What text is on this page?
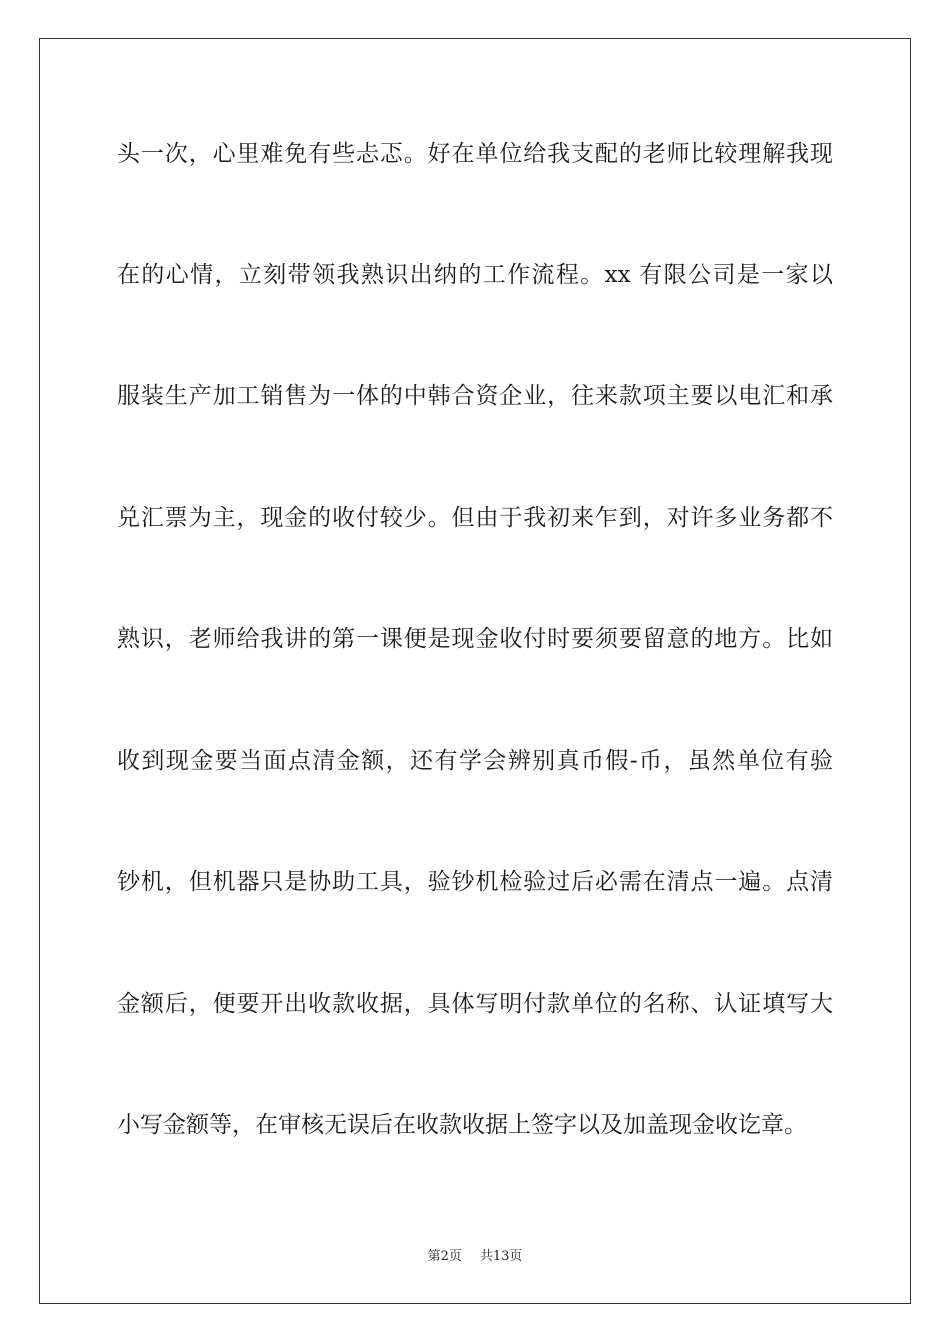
头一次，心里难免有些忐忑。好在单位给我支配的老师比较理解我现
在的心情，立刻带领我熟识出纳的工作流程。xx 有限公司是一家以
服装生产加工销售为一体的中韩合资企业，往来款项主要以电汇和承
兑汇票为主，现金的收付较少。但由于我初来乍到，对许多业务都不
熟识，老师给我讲的第一课便是现金收付时要须要留意的地方。比如
收到现金要当面点清金额，还有学会辨别真币假-币，虽然单位有验
钞机，但机器只是协助工具，验钞机检验过后必需在清点一遍。点清
金额后，便要开出收款收据，具体写明付款单位的名称、认证填写大
小写金额等，在审核无误后在收款收据上签字以及加盖现金收讫章。
第2页 共13页
